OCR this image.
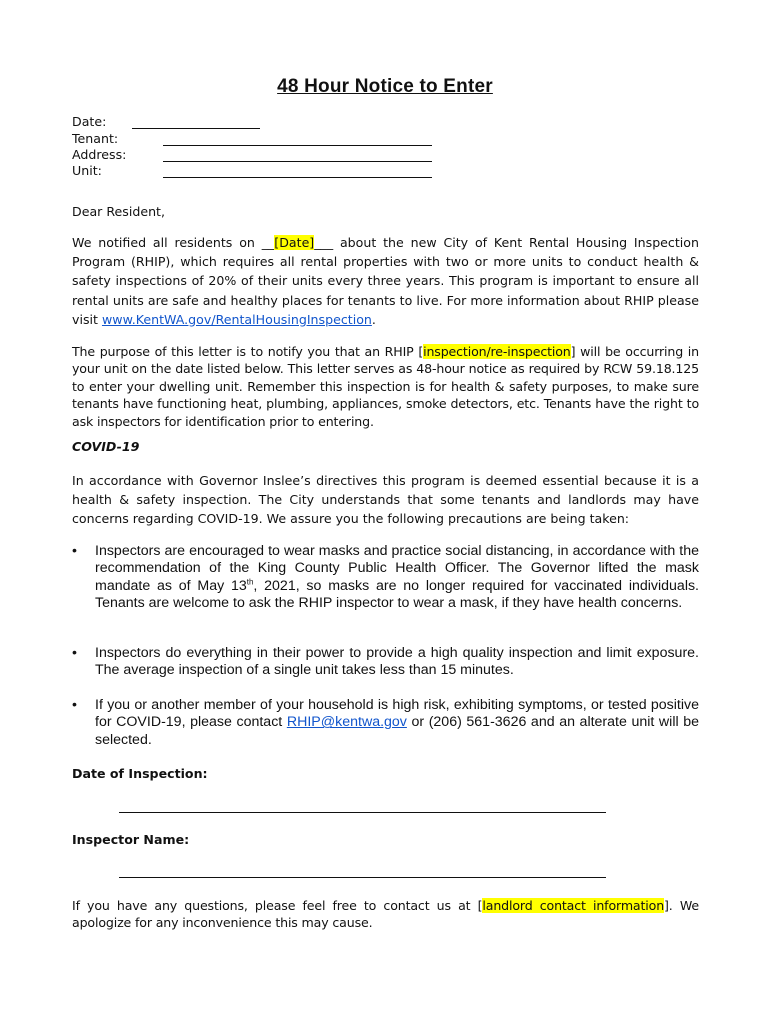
48 Hour Notice to Enter
Date:
Tenant:
Address:
Unit:
Dear Resident,
We notified all residents on __[Date]___ about the new City of Kent Rental Housing Inspection Program (RHIP), which requires all rental properties with two or more units to conduct health & safety inspections of 20% of their units every three years. This program is important to ensure all rental units are safe and healthy places for tenants to live. For more information about RHIP please visit www.KentWA.gov/RentalHousingInspection.
The purpose of this letter is to notify you that an RHIP [inspection/re-inspection] will be occurring in your unit on the date listed below. This letter serves as 48-hour notice as required by RCW 59.18.125 to enter your dwelling unit. Remember this inspection is for health & safety purposes, to make sure tenants have functioning heat, plumbing, appliances, smoke detectors, etc. Tenants have the right to ask inspectors for identification prior to entering.
COVID-19
In accordance with Governor Inslee’s directives this program is deemed essential because it is a health & safety inspection. The City understands that some tenants and landlords may have concerns regarding COVID-19. We assure you the following precautions are being taken:
• Inspectors are encouraged to wear masks and practice social distancing, in accordance with the recommendation of the King County Public Health Officer. The Governor lifted the mask mandate as of May 13th, 2021, so masks are no longer required for vaccinated individuals. Tenants are welcome to ask the RHIP inspector to wear a mask, if they have health concerns.
• Inspectors do everything in their power to provide a high quality inspection and limit exposure. The average inspection of a single unit takes less than 15 minutes.
• If you or another member of your household is high risk, exhibiting symptoms, or tested positive for COVID-19, please contact RHIP@kentwa.gov or (206) 561-3626 and an alterate unit will be selected.
Date of Inspection:
Inspector Name:
If you have any questions, please feel free to contact us at [landlord contact information]. We apologize for any inconvenience this may cause.
